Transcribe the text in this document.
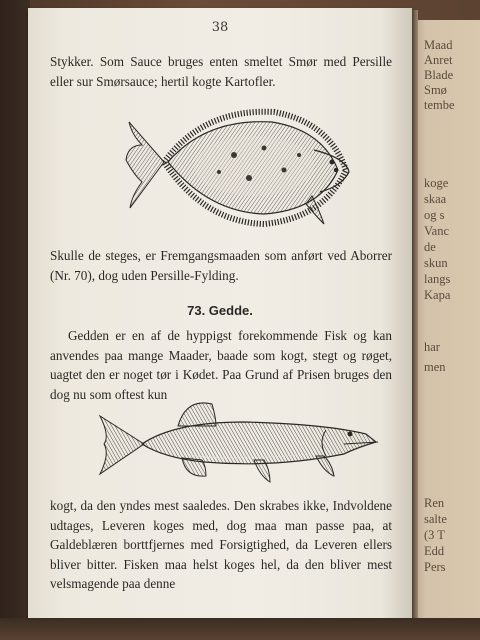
Maad
Anret
Blade
Smø
tembe
koge
skaa
og s
Vanc
de
skun
langs
Kapa
har
men
Ren
salte
(3 T
Edd
Pers
38

Stykker. Som Sauce bruges enten smeltet Smør med Persille eller sur Smørsauce; hertil kogte Kartofler.

Skulle de steges, er Fremgangsmaaden som anført ved Aborrer (Nr. 70), dog uden Persille-Fylding.

73. Gedde.

Gedden er en af de hyppigst forekommende Fisk og kan anvendes paa mange Maader, baade som kogt, stegt og røget, uagtet den er noget tør i Kødet. Paa Grund af Prisen bruges den dog nu som oftest kun

kogt, da den yndes mest saaledes. Den skrabes ikke, Indvoldene udtages, Leveren koges med, dog maa man passe paa, at Galdeblæren borttfjernes med Forsigtighed, da Leveren ellers bliver bitter. Fisken maa helst koges hel, da den bliver mest velsmagende paa denne
